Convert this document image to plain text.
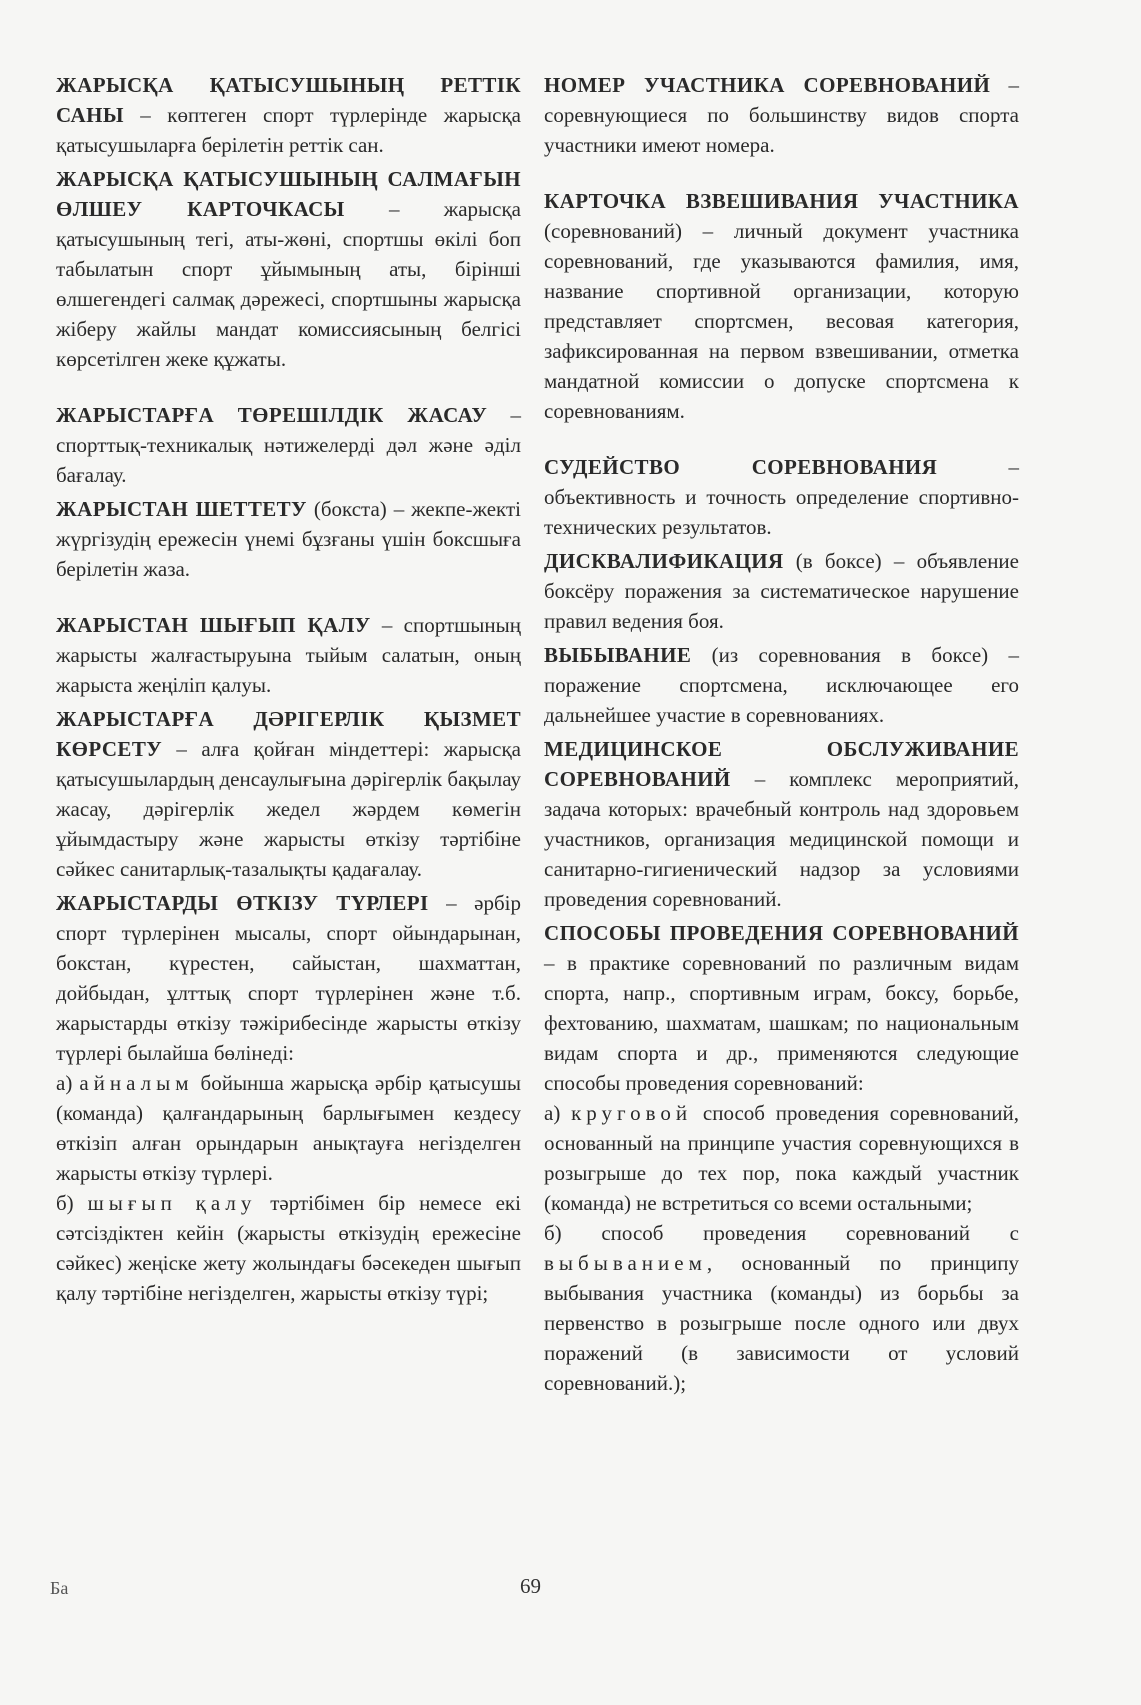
ЖАРЫСҚА ҚАТЫСУШЫНЫҢ РЕТТІК САНЫ – көптеген спорт түрлерінде жарысқа қатысушыларға берілетін реттік сан.

ЖАРЫСҚА ҚАТЫСУШЫНЫҢ САЛМАҒЫН ӨЛШЕУ КАРТОЧКАСЫ – жарысқа қатысушының тегі, аты-жөні, спортшы өкілі боп табылатын спорт ұйымының аты, бірінші өлшегендегі салмақ дәрежесі, спортшыны жарысқа жіберу жайлы мандат комиссиясының белгісі көрсетілген жеке құжаты.

ЖАРЫСТАРҒА ТӨРЕШІЛДІК ЖАСАУ – спорттық-техникалық нәтижелерді дәл және әділ бағалау.

ЖАРЫСТАН ШЕТТЕТУ (бокста) – жекпе-жекті жүргізудің ережесін үнемі бұзғаны үшін боксшыға берілетін жаза.

ЖАРЫСТАН ШЫҒЫП ҚАЛУ – спортшының жарысты жалғастыруына тыйым салатын, оның жарыста жеңіліп қалуы.

ЖАРЫСТАРҒА ДӘРІГЕРЛІК ҚЫЗМЕТ КӨРСЕТУ – алға қойған міндеттері: жарысқа қатысушылардың денсаулығына дәрігерлік бақылау жасау, дәрігерлік жедел жәрдем көмегін ұйымдастыру және жарысты өткізу тәртібіне сәйкес санитарлық-тазалықты қадағалау.

ЖАРЫСТАРДЫ ӨТКІЗУ ТҮРЛЕРІ – әрбір спорт түрлерінен мысалы, спорт ойындарынан, бокстан, күрестен, сайыстан, шахматтан, дойбыдан, ұлттық спорт түрлерінен және т.б. жарыстарды өткізу тәжірибесінде жарысты өткізу түрлері былайша бөлінеді:

а) айналым бойынша жарысқа әрбір қатысушы (команда) қалғандарының барлығымен кездесу өткізіп алған орындарын анықтауға негізделген жарысты өткізу түрлері.

б) шығып қалу тәртібімен бір немесе екі сәтсіздіктен кейін (жарысты өткізудің ережесіне сәйкес) жеңіске жету жолындағы бәсекеден шығып қалу тәртібіне негізделген, жарысты өткізу түрі;

НОМЕР УЧАСТНИКА СОРЕВНОВАНИЙ – соревнующиеся по большинству видов спорта участники имеют номера.

КАРТОЧКА ВЗВЕШИВАНИЯ УЧАСТНИКА (соревнований) – личный документ участника соревнований, где указываются фамилия, имя, название спортивной организации, которую представляет спортсмен, весовая категория, зафиксированная на первом взвешивании, отметка мандатной комиссии о допуске спортсмена к соревнованиям.

СУДЕЙСТВО СОРЕВНОВАНИЯ – объективность и точность определение спортивно-технических результатов.

ДИСКВАЛИФИКАЦИЯ (в боксе) – объявление боксёру поражения за систематическое нарушение правил ведения боя.

ВЫБЫВАНИЕ (из соревнования в боксе) – поражение спортсмена, исключающее его дальнейшее участие в соревнованиях.

МЕДИЦИНСКОЕ ОБСЛУЖИВАНИЕ СОРЕВНОВАНИЙ – комплекс мероприятий, задача которых: врачебный контроль над здоровьем участников, организация медицинской помощи и санитарно-гигиенический надзор за условиями проведения соревнований.

СПОСОБЫ ПРОВЕДЕНИЯ СОРЕВНОВАНИЙ – в практике соревнований по различным видам спорта, напр., спортивным играм, боксу, борьбе, фехтованию, шахматам, шашкам; по национальным видам спорта и др., применяются следующие способы проведения соревнований:

а) круговой способ проведения соревнований, основанный на принципе участия соревнующихся в розыгрыше до тех пор, пока каждый участник (команда) не встретиться со всеми остальными;

б) способ проведения соревнований с выбыванием, основанный по принципу выбывания участника (команды) из борьбы за первенство в розыгрыше после одного или двух поражений (в зависимости от условий соревнований.);

Ба	69
